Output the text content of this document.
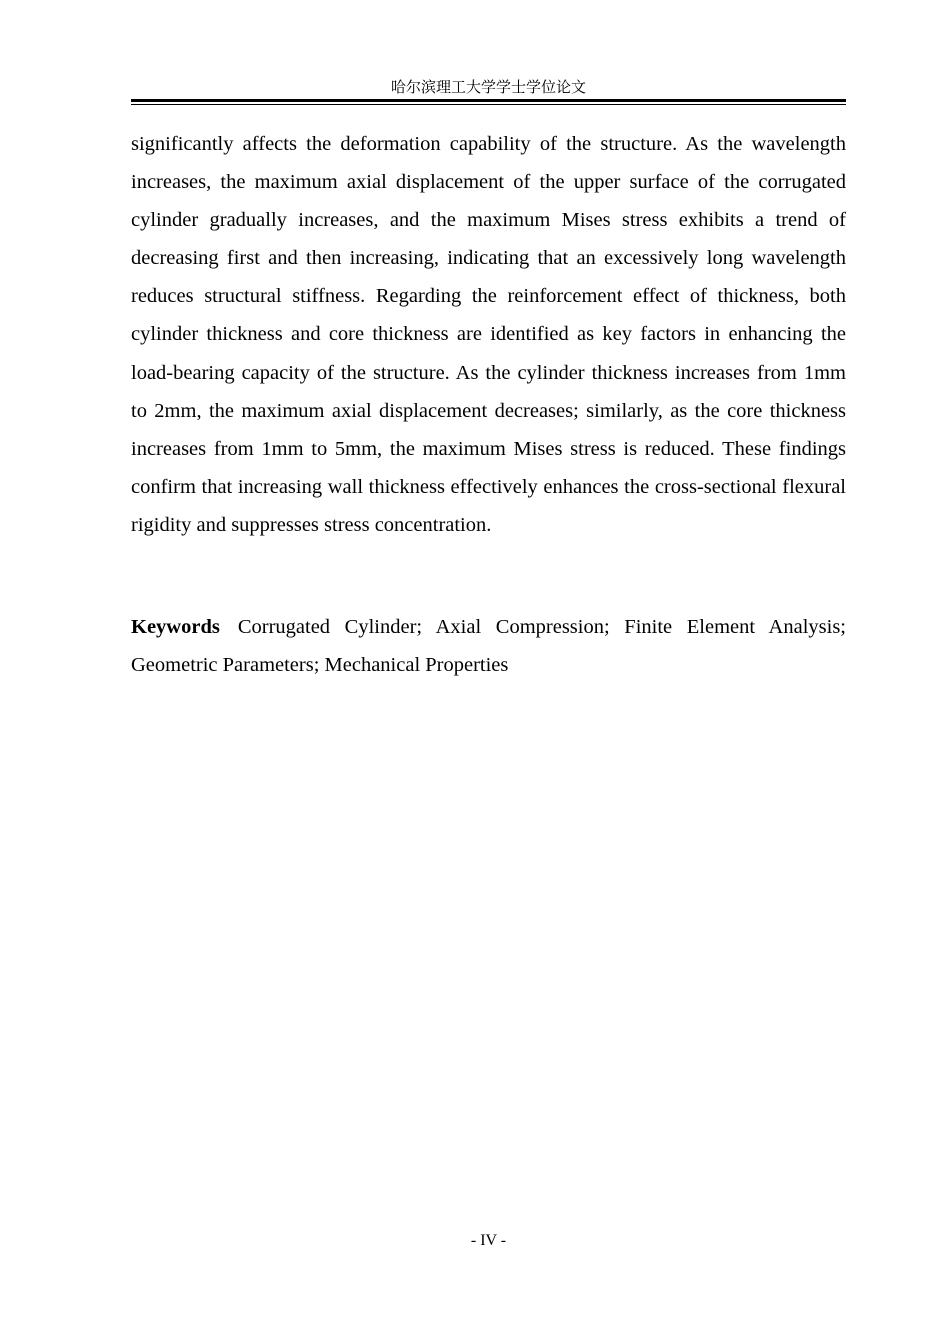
哈尔滨理工大学学士学位论文

significantly affects the deformation capability of the structure. As the wavelength increases, the maximum axial displacement of the upper surface of the corrugated cylinder gradually increases, and the maximum Mises stress exhibits a trend of decreasing first and then increasing, indicating that an excessively long wavelength reduces structural stiffness. Regarding the reinforcement effect of thickness, both cylinder thickness and core thickness are identified as key factors in enhancing the load-bearing capacity of the structure. As the cylinder thickness increases from 1mm to 2mm, the maximum axial displacement decreases; similarly, as the core thickness increases from 1mm to 5mm, the maximum Mises stress is reduced. These findings confirm that increasing wall thickness effectively enhances the cross-sectional flexural rigidity and suppresses stress concentration.

Keywords Corrugated Cylinder; Axial Compression; Finite Element Analysis; Geometric Parameters; Mechanical Properties

- IV -
